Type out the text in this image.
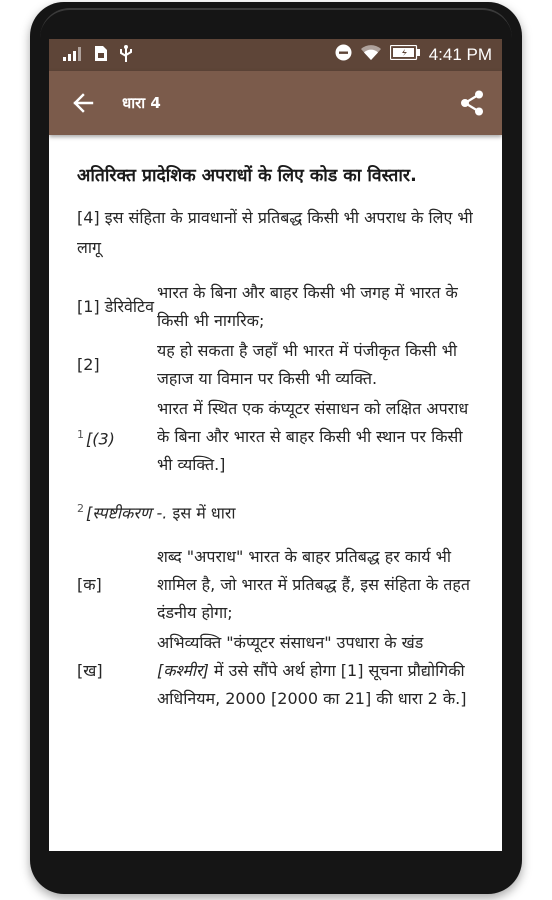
4:41 PM
धारा 4
अतिरिक्त प्रादेशिक अपराधों के लिए कोड का विस्तार.
[4] इस संहिता के प्रावधानों से प्रतिबद्ध किसी भी अपराध के लिए भी लागू
[1] डेरिवेटिव
भारत के बिना और बाहर किसी भी जगह में भारत के किसी भी नागरिक;
[2]
यह हो सकता है जहाँ भी भारत में पंजीकृत किसी भी जहाज या विमान पर किसी भी व्यक्ति.
$^1$ [(3)
भारत में स्थित एक कंप्यूटर संसाधन को लक्षित अपराध के बिना और भारत से बाहर किसी भी स्थान पर किसी भी व्यक्ति.]
$^2$ [स्पष्टीकरण -. इस में धारा
[क]
शब्द "अपराध" भारत के बाहर प्रतिबद्ध हर कार्य भी शामिल है, जो भारत में प्रतिबद्ध हैं, इस संहिता के तहत दंडनीय होगा;
[ख]
अभिव्यक्ति "कंप्यूटर संसाधन" उपधारा के खंड [कश्मीर] में उसे सौंपे अर्थ होगा [1] सूचना प्रौद्योगिकी अधिनियम, 2000 [2000 का 21] की धारा 2 के.]
